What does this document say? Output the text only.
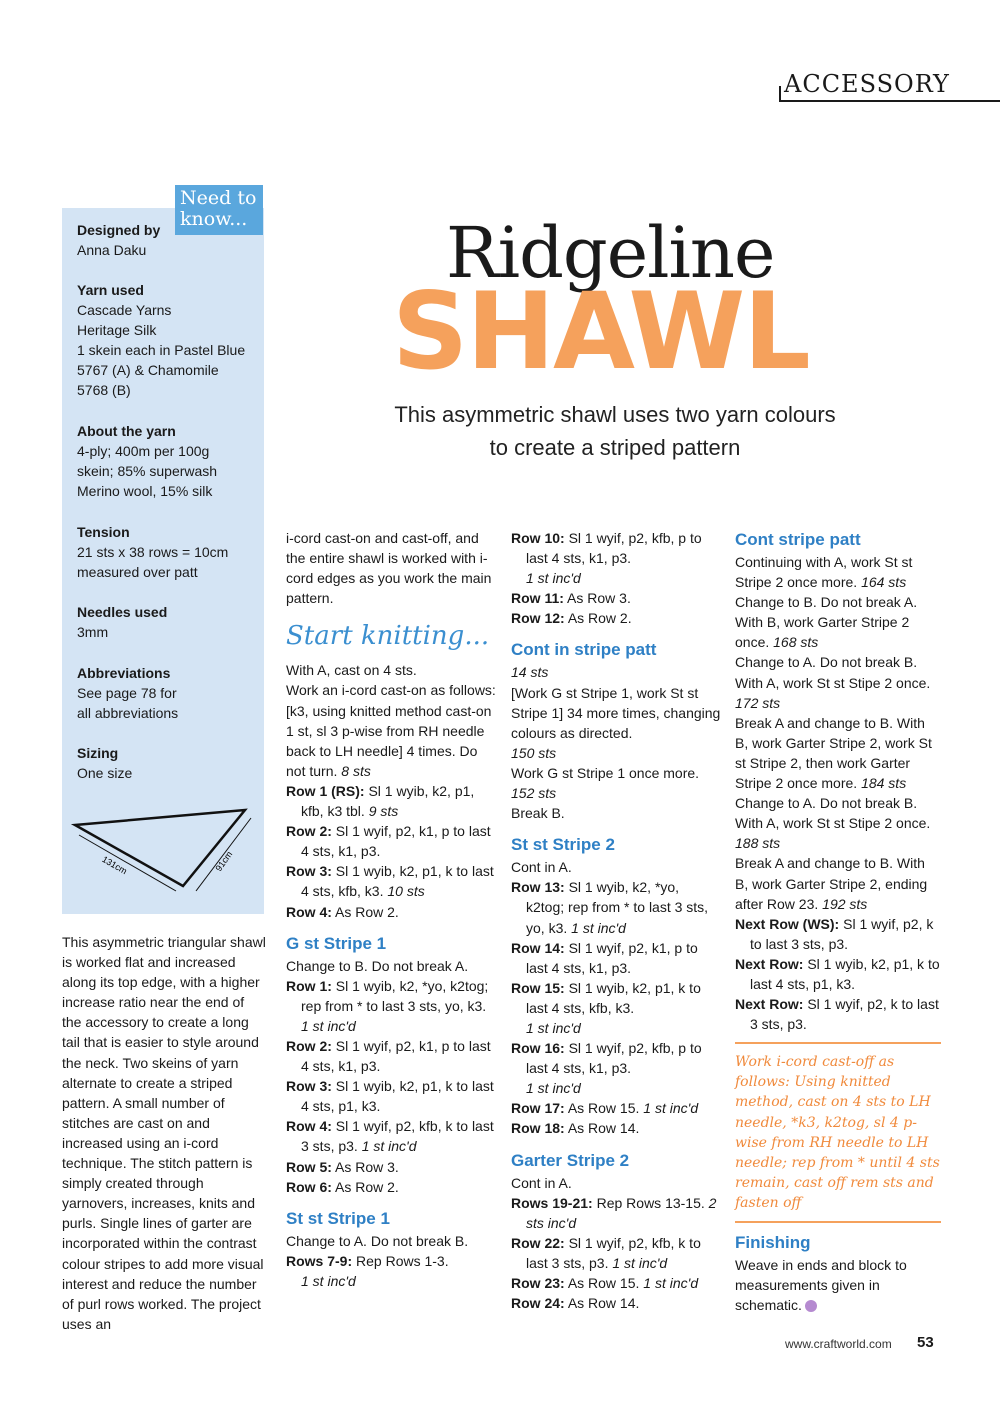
ACCESSORY
Ridgeline
SHAWL
This asymmetric shawl uses two yarn colours
to create a striped pattern
Need to
know...
Designed by
Anna Daku
Yarn used
Cascade Yarns
Heritage Silk
1 skein each in Pastel Blue
5767 (A) & Chamomile
5768 (B)
About the yarn
4-ply; 400m per 100g
skein; 85% superwash
Merino wool, 15% silk
Tension
21 sts x 38 rows = 10cm
measured over patt
Needles used
3mm
Abbreviations
See page 78 for
all abbreviations
Sizing
One size
131cm	91cm
This asymmetric triangular shawl is worked flat and increased along its top edge, with a higher increase ratio near the end of the accessory to create a long tail that is easier to style around the neck. Two skeins of yarn alternate to create a striped pattern. A small number of stitches are cast on and increased using an i-cord technique. The stitch pattern is simply created through yarnovers, increases, knits and purls. Single lines of garter are incorporated within the contrast colour stripes to add more visual interest and reduce the number of purl rows worked. The project uses an

i-cord cast-on and cast-off, and the entire shawl is worked with i-cord edges as you work the main pattern.

Start knitting...

With A, cast on 4 sts.

Work an i-cord cast-on as follows: [k3, using knitted method cast-on 1 st, sl 3 p-wise from RH needle back to LH needle] 4 times. Do not turn. 8 sts

Row 1 (RS): Sl 1 wyib, k2, p1, kfb, k3 tbl. 9 sts

Row 2: Sl 1 wyif, p2, k1, p to last 4 sts, k1, p3.

Row 3: Sl 1 wyib, k2, p1, k to last 4 sts, kfb, k3. 10 sts

Row 4: As Row 2.

G st Stripe 1

Change to B. Do not break A.

Row 1: Sl 1 wyib, k2, *yo, k2tog; rep from * to last 3 sts, yo, k3. 1 st inc'd

Row 2: Sl 1 wyif, p2, k1, p to last 4 sts, k1, p3.

Row 3: Sl 1 wyib, k2, p1, k to last 4 sts, p1, k3.

Row 4: Sl 1 wyif, p2, kfb, k to last 3 sts, p3. 1 st inc'd

Row 5: As Row 3.

Row 6: As Row 2.

St st Stripe 1

Change to A. Do not break B.

Rows 7-9: Rep Rows 1-3.
1 st inc'd

Row 10: Sl 1 wyif, p2, kfb, p to last 4 sts, k1, p3.
1 st inc'd

Row 11: As Row 3.

Row 12: As Row 2.

Cont in stripe patt

14 sts

[Work G st Stripe 1, work St st Stripe 1] 34 more times, changing colours as directed.

150 sts

Work G st Stripe 1 once more.

152 sts

Break B.

St st Stripe 2

Cont in A.

Row 13: Sl 1 wyib, k2, *yo, k2tog; rep from * to last 3 sts, yo, k3. 1 st inc'd

Row 14: Sl 1 wyif, p2, k1, p to last 4 sts, k1, p3.

Row 15: Sl 1 wyib, k2, p1, k to last 4 sts, kfb, k3.
1 st inc'd

Row 16: Sl 1 wyif, p2, kfb, p to last 4 sts, k1, p3.
1 st inc'd

Row 17: As Row 15. 1 st inc'd

Row 18: As Row 14.

Garter Stripe 2

Cont in A.

Rows 19-21: Rep Rows 13-15. 2 sts inc'd

Row 22: Sl 1 wyif, p2, kfb, k to last 3 sts, p3. 1 st inc'd

Row 23: As Row 15. 1 st inc'd

Row 24: As Row 14.

Cont stripe patt

Continuing with A, work St st Stripe 2 once more. 164 sts

Change to B. Do not break A. With B, work Garter Stripe 2 once. 168 sts

Change to A. Do not break B. With A, work St st Stipe 2 once. 172 sts

Break A and change to B. With B, work Garter Stripe 2, work St st Stripe 2, then work Garter Stripe 2 once more. 184 sts

Change to A. Do not break B. With A, work St st Stipe 2 once. 188 sts

Break A and change to B. With B, work Garter Stripe 2, ending after Row 23. 192 sts

Next Row (WS): Sl 1 wyif, p2, k to last 3 sts, p3.

Next Row: Sl 1 wyib, k2, p1, k to last 4 sts, p1, k3.

Next Row: Sl 1 wyif, p2, k to last 3 sts, p3.

Work i-cord cast-off as follows: Using knitted method, cast on 4 sts to LH needle, *k3, k2tog, sl 4 p-wise from RH needle to LH needle; rep from * until 4 sts remain, cast off rem sts and fasten off
Finishing

Weave in ends and block to measurements given in schematic.

www.craftworld.com 53
